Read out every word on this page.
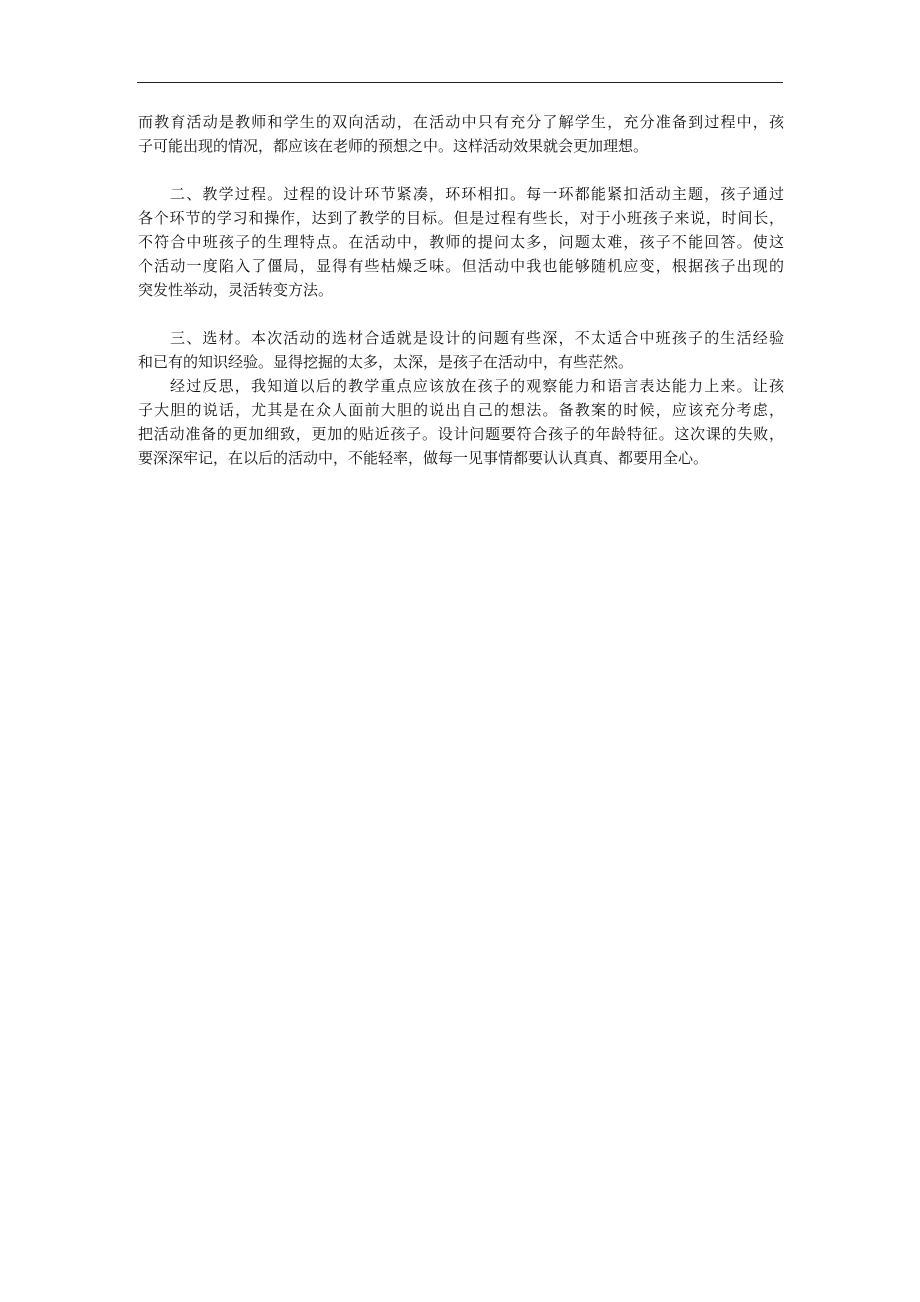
而教育活动是教师和学生的双向活动，在活动中只有充分了解学生，充分准备到过程中，孩
子可能出现的情况，都应该在老师的预想之中。这样活动效果就会更加理想。
二、教学过程。过程的设计环节紧凑，环环相扣。每一环都能紧扣活动主题，孩子通过
各个环节的学习和操作，达到了教学的目标。但是过程有些长，对于小班孩子来说，时间长，
不符合中班孩子的生理特点。在活动中，教师的提问太多，问题太难，孩子不能回答。使这
个活动一度陷入了僵局，显得有些枯燥乏味。但活动中我也能够随机应变，根据孩子出现的
突发性举动，灵活转变方法。
三、选材。本次活动的选材合适就是设计的问题有些深，不太适合中班孩子的生活经验
和已有的知识经验。显得挖掘的太多，太深，是孩子在活动中，有些茫然。
经过反思，我知道以后的教学重点应该放在孩子的观察能力和语言表达能力上来。让孩
子大胆的说话，尤其是在众人面前大胆的说出自己的想法。备教案的时候，应该充分考虑，
把活动准备的更加细致，更加的贴近孩子。设计问题要符合孩子的年龄特征。这次课的失败，
要深深牢记，在以后的活动中，不能轻率，做每一见事情都要认认真真、都要用全心。
